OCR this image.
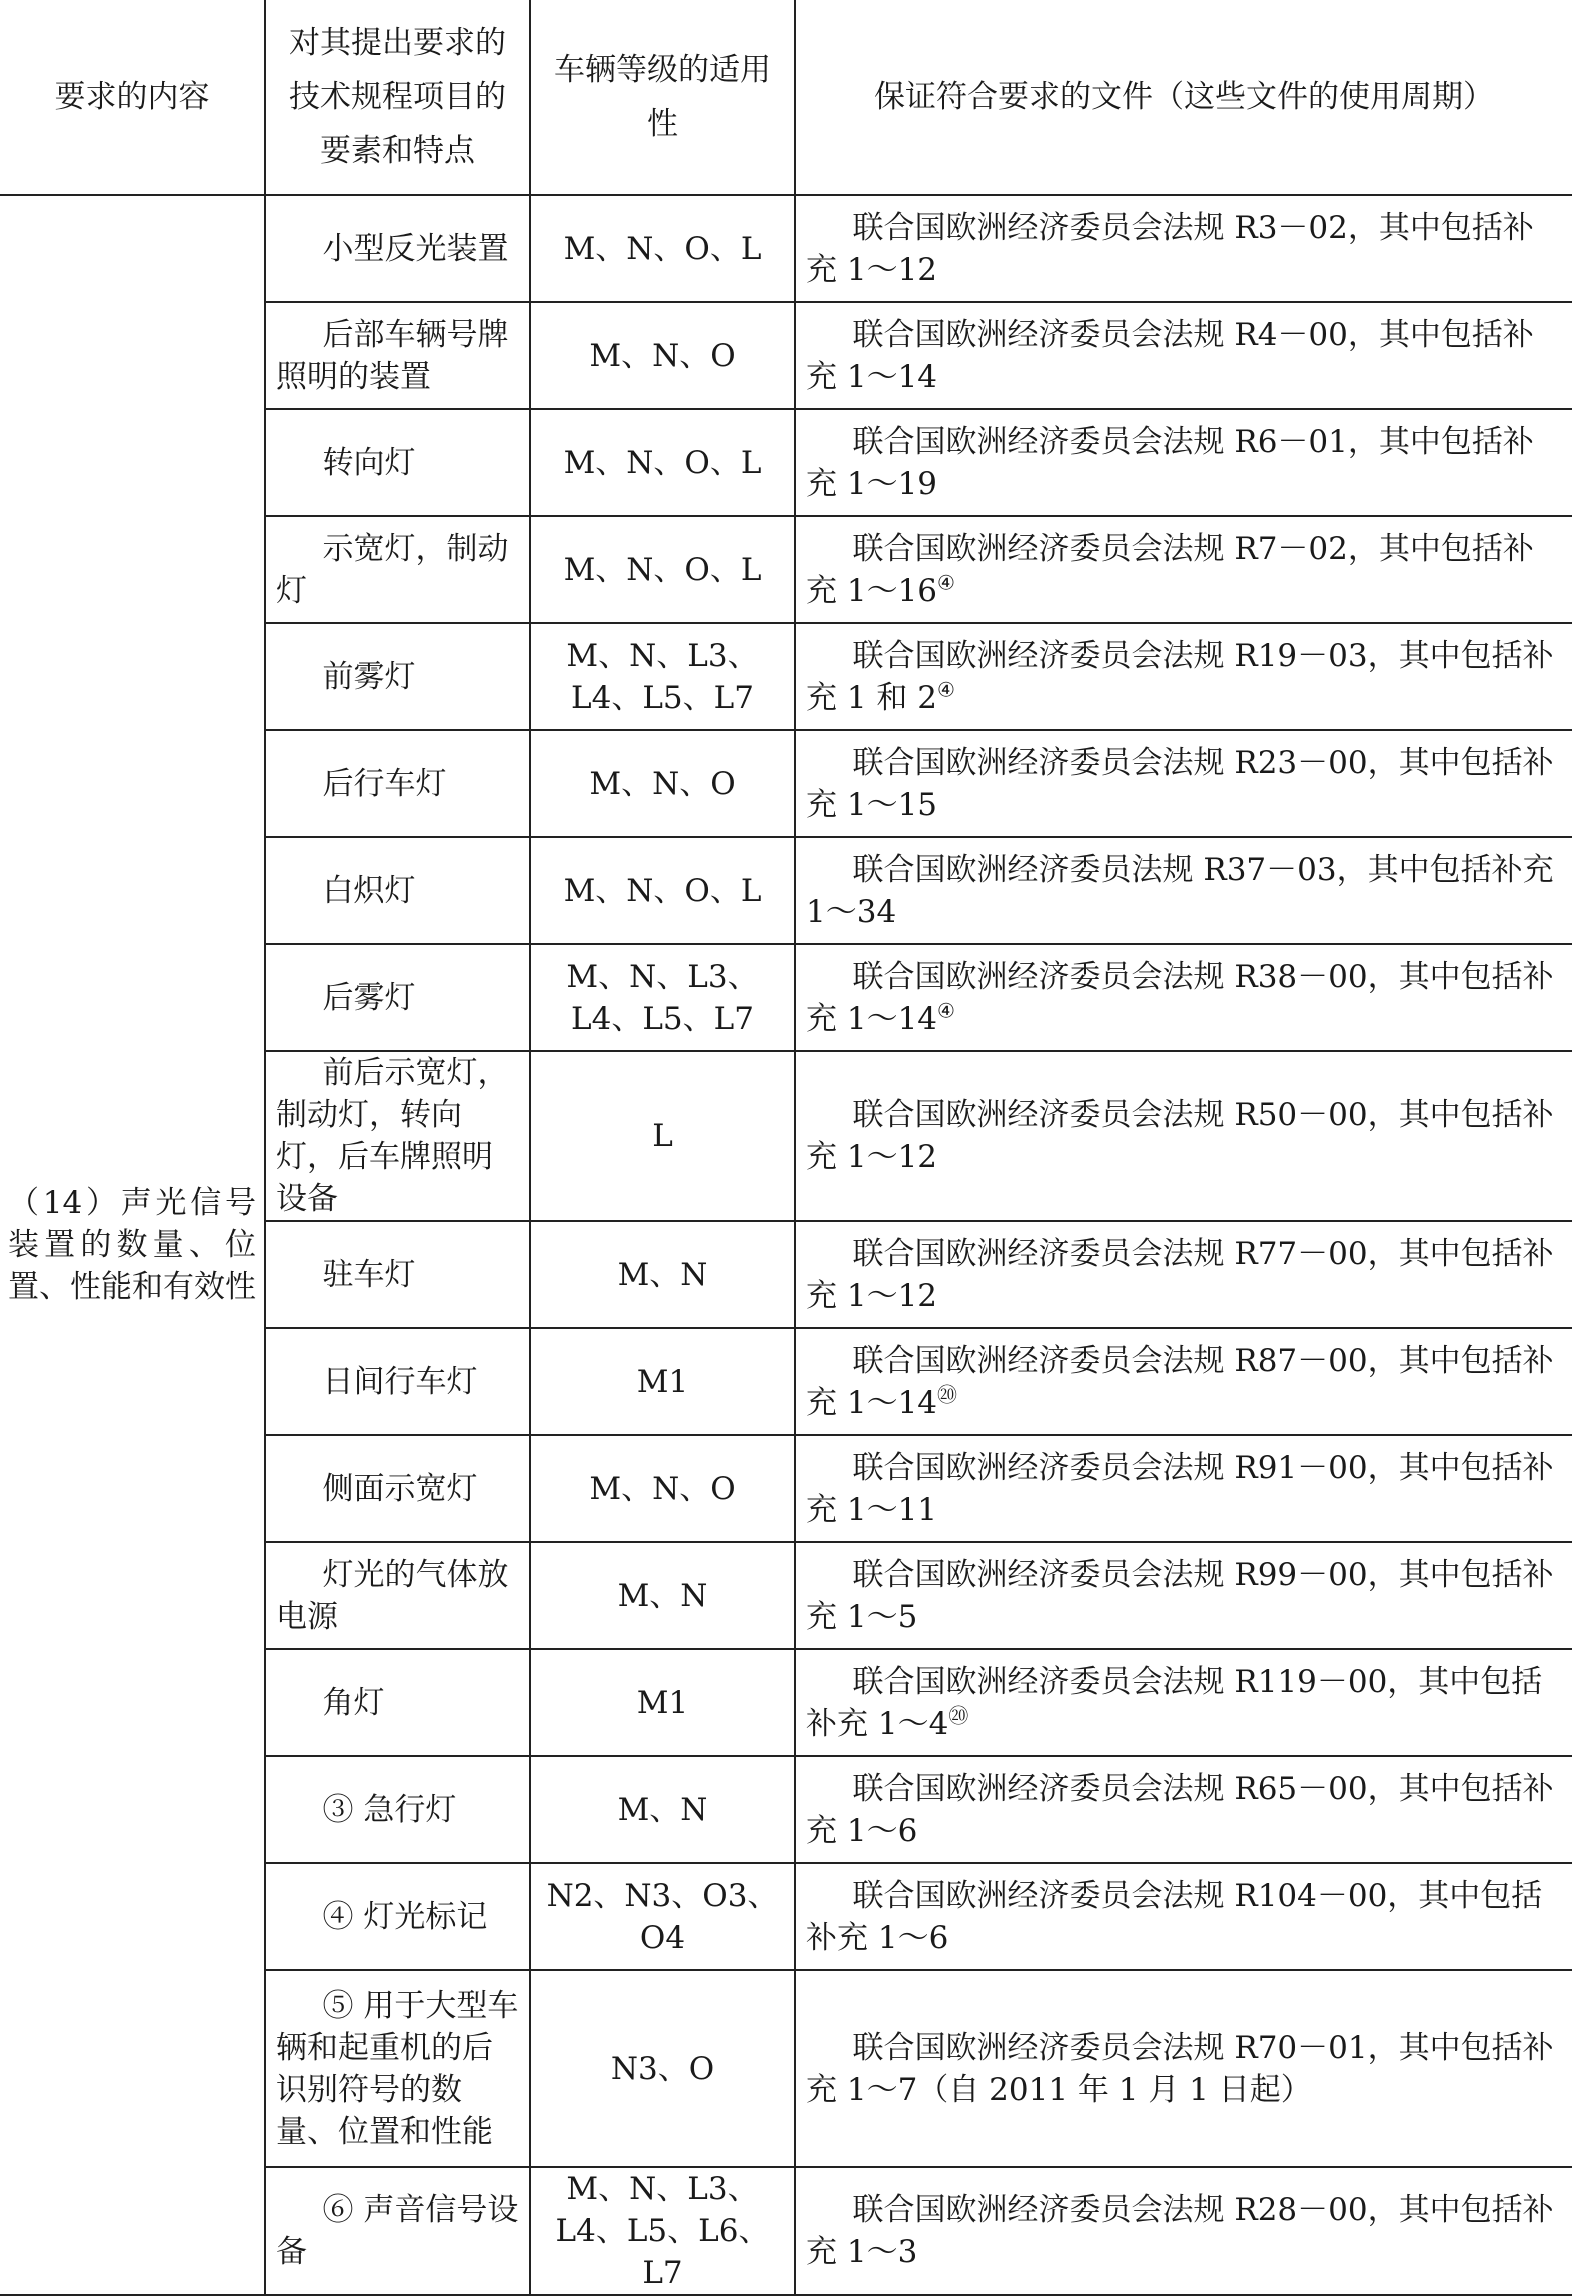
要求的内容	对其提出要求的技术规程项目的要素和特点	车辆等级的适用性	保证符合要求的文件（这些文件的使用周期）
（14）声光信号装置的数量、位置、性能和有效性	小型反光装置	M、N、O、L	联合国欧洲经济委员会法规 R3－02，其中包括补充 1～12

	后部车辆号牌照明的装置	M、N、O	联合国欧洲经济委员会法规 R4－00，其中包括补充 1～14

	转向灯	M、N、O、L	联合国欧洲经济委员会法规 R6－01，其中包括补充 1～19

	示宽灯，制动灯	M、N、O、L	联合国欧洲经济委员会法规 R7－02，其中包括补充 1～16④

	前雾灯	M、N、L3、L4、L5、L7	联合国欧洲经济委员会法规 R19－03，其中包括补充 1 和 2④

	后行车灯	M、N、O	联合国欧洲经济委员会法规 R23－00，其中包括补充 1～15

	白炽灯	M、N、O、L	联合国欧洲经济委员法规 R37－03，其中包括补充 1～34

	后雾灯	M、N、L3、L4、L5、L7	联合国欧洲经济委员会法规 R38－00，其中包括补充 1～14④

	前后示宽灯，制动灯，转向灯，后车牌照明设备	L	联合国欧洲经济委员会法规 R50－00，其中包括补充 1～12

	驻车灯	M、N	联合国欧洲经济委员会法规 R77－00，其中包括补充 1～12

	日间行车灯	M1	联合国欧洲经济委员会法规 R87－00，其中包括补充 1～14⑳

	侧面示宽灯	M、N、O	联合国欧洲经济委员会法规 R91－00，其中包括补充 1～11

	灯光的气体放电源	M、N	联合国欧洲经济委员会法规 R99－00，其中包括补充 1～5

	角灯	M1	联合国欧洲经济委员会法规 R119－00，其中包括补充 1～4⑳

	③ 急行灯	M、N	联合国欧洲经济委员会法规 R65－00，其中包括补充 1～6

	④ 灯光标记	N2、N3、O3、O4	联合国欧洲经济委员会法规 R104－00，其中包括补充 1～6

	⑤ 用于大型车辆和起重机的后识别符号的数量、位置和性能	N3、O	联合国欧洲经济委员会法规 R70－01，其中包括补充 1～7（自 2011 年 1 月 1 日起）

	⑥ 声音信号设备	M、N、L3、L4、L5、L6、L7	联合国欧洲经济委员会法规 R28－00，其中包括补充 1～3
